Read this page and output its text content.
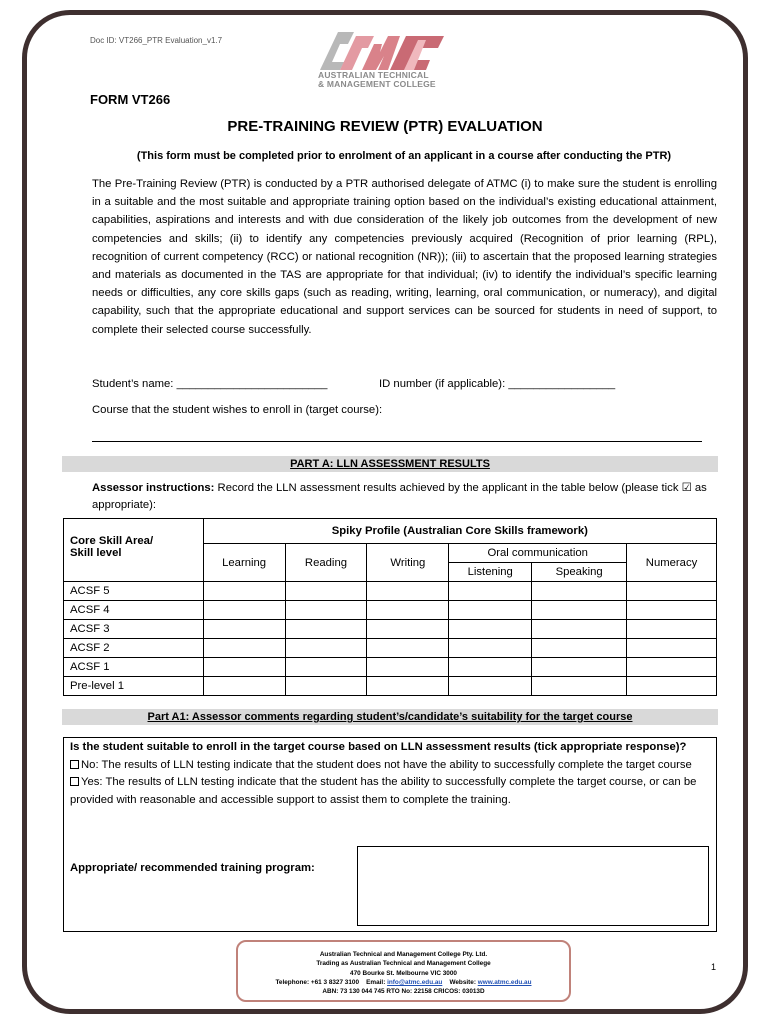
Doc ID: VT266_PTR Evaluation_v1.7
ATMC
AUSTRALIAN TECHNICAL
& MANAGEMENT COLLEGE
FORM VT266
PRE-TRAINING REVIEW (PTR) EVALUATION
(This form must be completed prior to enrolment of an applicant in a course after conducting the PTR)
The Pre-Training Review (PTR) is conducted by a PTR authorised delegate of ATMC (i) to make sure the student is enrolling in a suitable and the most suitable and appropriate training option based on the individual’s existing educational attainment, capabilities, aspirations and interests and with due consideration of the likely job outcomes from the development of new competencies and skills; (ii) to identify any competencies previously acquired (Recognition of prior learning (RPL), recognition of current competency (RCC) or national recognition (NR)); (iii) to ascertain that the proposed learning strategies and materials as documented in the TAS are appropriate for that individual; (iv) to identify the individual’s specific learning needs or difficulties, any core skills gaps (such as reading, writing, learning, oral communication, or numeracy), and digital capability, such that the appropriate educational and support services can be sourced for students in need of support, to complete their selected course successfully.
Student’s name: ________________________	ID number (if applicable): _________________
Course that the student wishes to enroll in (target course):
PART A: LLN ASSESSMENT RESULTS
Assessor instructions: Record the LLN assessment results achieved by the applicant in the table below (please tick ☑ as appropriate):
Core Skill Area/
Skill level	Spiky Profile (Australian Core Skills framework)					
	Learning	Reading	Writing	Oral communication		Numeracy
				Listening	Speaking	
ACSF 5						
ACSF 4						
ACSF 3						
ACSF 2						
ACSF 1						
Pre-level 1						
Part A1: Assessor comments regarding student’s/candidate’s suitability for the target course
Is the student suitable to enroll in the target course based on LLN assessment results (tick appropriate response)?
No: The results of LLN testing indicate that the student does not have the ability to successfully complete the target course
Yes: The results of LLN testing indicate that the student has the ability to successfully complete the target course, or can be provided with reasonable and accessible support to assist them to complete the training.
Appropriate/ recommended training program:
Australian Technical and Management College Pty. Ltd.
Trading as Australian Technical and Management College
470 Bourke St. Melbourne VIC 3000
Telephone: +61 3 8327 3100 Email: info@atmc.edu.au Website: www.atmc.edu.au
ABN: 73 130 044 745 RTO No: 22158 CRICOS: 03013D
1
